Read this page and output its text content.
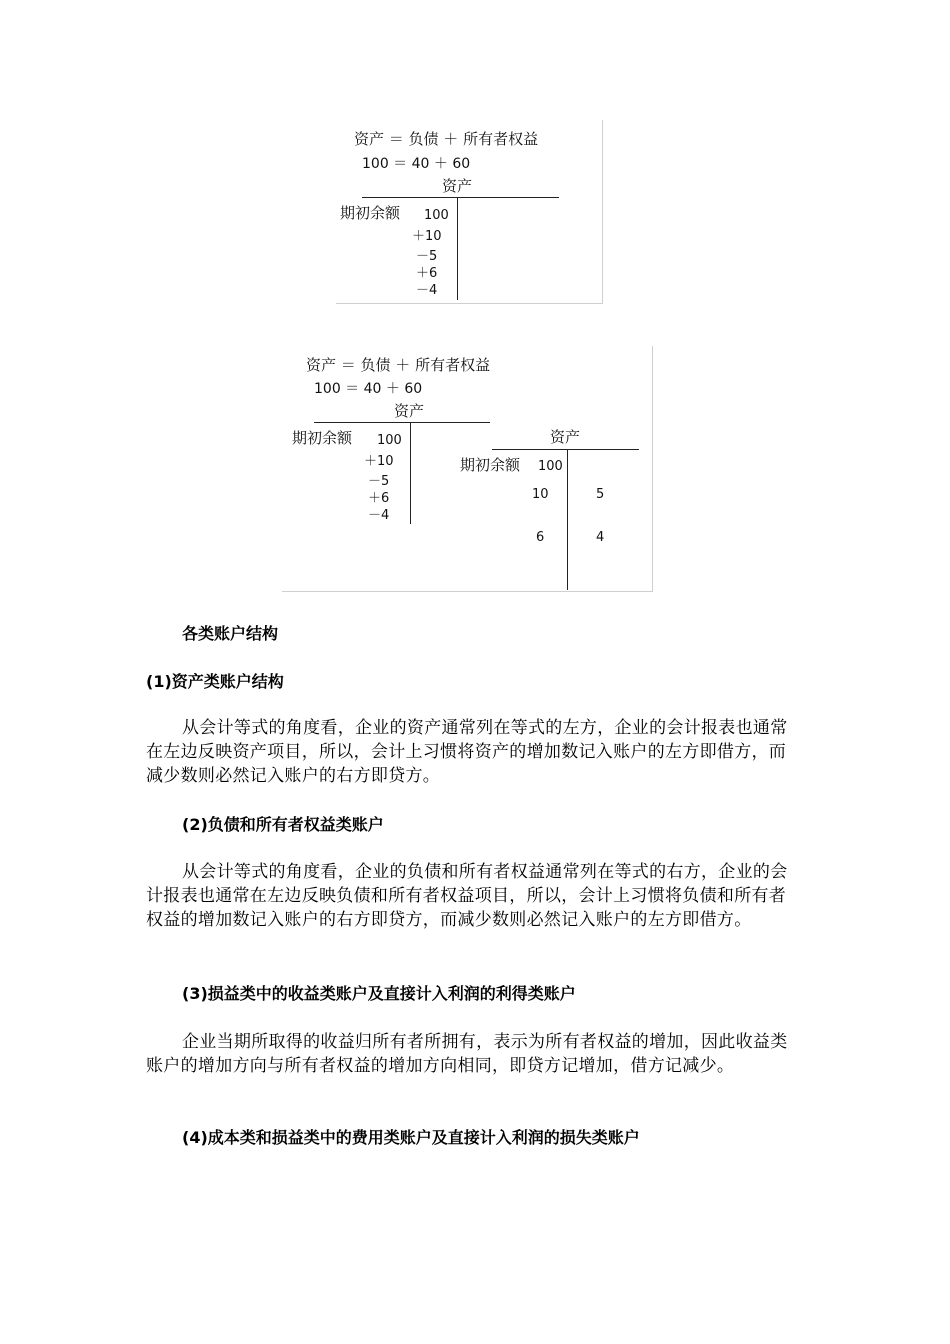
资产 ＝ 负债 ＋ 所有者权益
100 ＝ 40 ＋ 60
资产
期初余额 100
＋10
－5
＋6
－4
资产 ＝ 负债 ＋ 所有者权益
100 ＝ 40 ＋ 60
资产
期初余额 100
＋10
－5
＋6
－4
资产
期初余额 100
10	5
6	4
各类账户结构
(1)资产类账户结构
从会计等式的角度看，企业的资产通常列在等式的左方，企业的会计报表也通常在左边反映资产项目，所以，会计上习惯将资产的增加数记入账户的左方即借方，而减少数则必然记入账户的右方即贷方。
(2)负债和所有者权益类账户
从会计等式的角度看，企业的负债和所有者权益通常列在等式的右方，企业的会计报表也通常在左边反映负债和所有者权益项目，所以，会计上习惯将负债和所有者权益的增加数记入账户的右方即贷方，而减少数则必然记入账户的左方即借方。
(3)损益类中的收益类账户及直接计入利润的利得类账户
企业当期所取得的收益归所有者所拥有，表示为所有者权益的增加，因此收益类账户的增加方向与所有者权益的增加方向相同，即贷方记增加，借方记减少。
(4)成本类和损益类中的费用类账户及直接计入利润的损失类账户
